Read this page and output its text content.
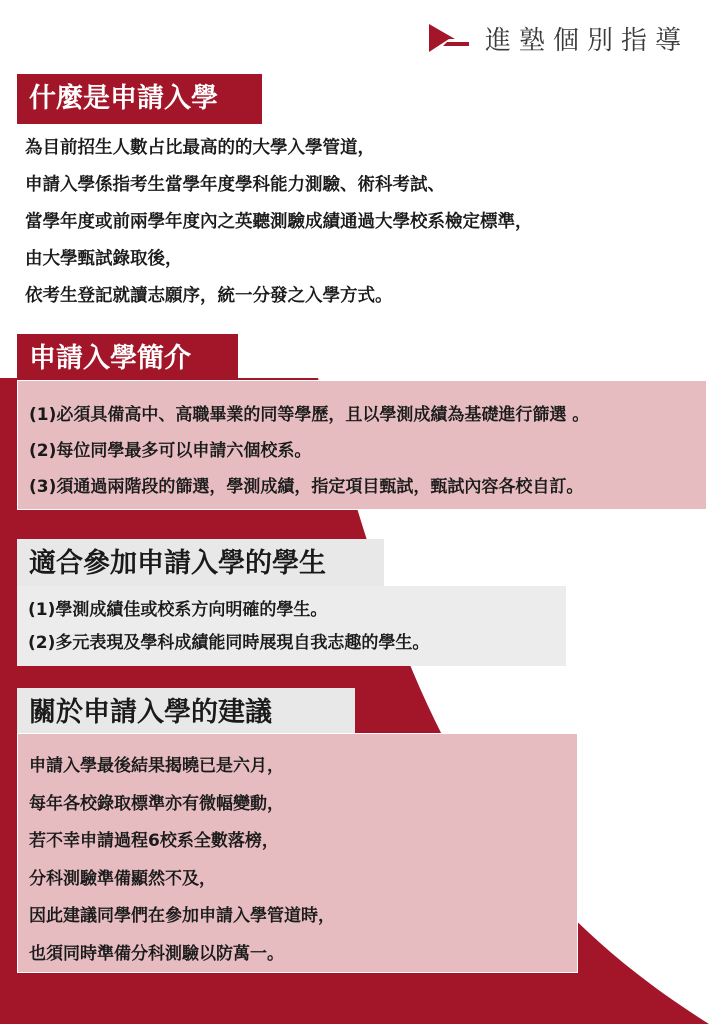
進塾個別指導
什麼是申請入學
為目前招生人數占比最高的的大學入學管道，
申請入學係指考生當學年度學科能力測驗、術科考試、
當學年度或前兩學年度內之英聽測驗成績通過大學校系檢定標準，
由大學甄試錄取後，
依考生登記就讀志願序，統一分發之入學方式。
申請入學簡介
(1)必須具備高中、高職畢業的同等學歷，且以學測成績為基礎進行篩選 。
(2)每位同學最多可以申請六個校系。
(3)須通過兩階段的篩選，學測成績，指定項目甄試，甄試內容各校自訂。
適合參加申請入學的學生
(1)學測成績佳或校系方向明確的學生。
(2)多元表現及學科成績能同時展現自我志趣的學生。
關於申請入學的建議
申請入學最後結果揭曉已是六月，
每年各校錄取標準亦有微幅變動，
若不幸申請過程6校系全數落榜，
分科測驗準備顯然不及，
因此建議同學們在參加申請入學管道時，
也須同時準備分科測驗以防萬一。
